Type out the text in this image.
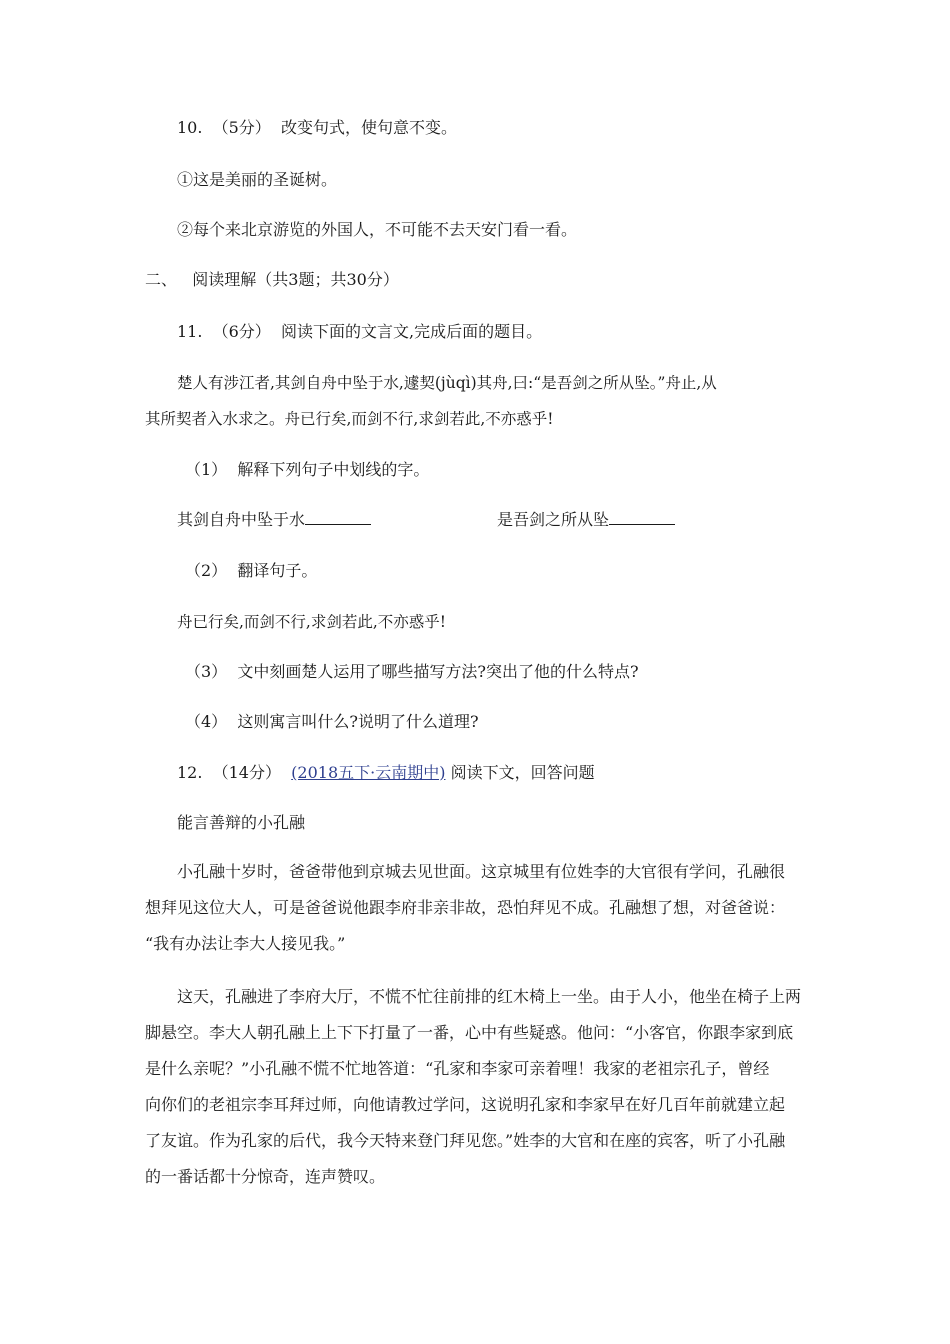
10. （5分） 改变句式，使句意不变。
①这是美丽的圣诞树。
②每个来北京游览的外国人，不可能不去天安门看一看。
二、 阅读理解（共3题；共30分）
11. （6分） 阅读下面的文言文,完成后面的题目。
楚人有涉江者,其剑自舟中坠于水,遽契(jùqì)其舟,曰:“是吾剑之所从坠。”舟止,从
其所契者入水求之。舟已行矣,而剑不行,求剑若此,不亦惑乎!
（1） 解释下列句子中划线的字。
其剑自舟中坠于水	是吾剑之所从坠
（2） 翻译句子。
舟已行矣,而剑不行,求剑若此,不亦惑乎!
（3） 文中刻画楚人运用了哪些描写方法?突出了他的什么特点?
（4） 这则寓言叫什么?说明了什么道理?
12. （14分） (2018五下·云南期中) 阅读下文，回答问题
能言善辩的小孔融
小孔融十岁时，爸爸带他到京城去见世面。这京城里有位姓李的大官很有学问，孔融很
想拜见这位大人，可是爸爸说他跟李府非亲非故，恐怕拜见不成。孔融想了想，对爸爸说：
“我有办法让李大人接见我。”
这天，孔融进了李府大厅，不慌不忙往前排的红木椅上一坐。由于人小，他坐在椅子上两
脚悬空。李大人朝孔融上上下下打量了一番，心中有些疑惑。他问：“小客官，你跟李家到底
是什么亲呢？”小孔融不慌不忙地答道：“孔家和李家可亲着哩！我家的老祖宗孔子，曾经
向你们的老祖宗李耳拜过师，向他请教过学问，这说明孔家和李家早在好几百年前就建立起
了友谊。作为孔家的后代，我今天特来登门拜见您。”姓李的大官和在座的宾客，听了小孔融
的一番话都十分惊奇，连声赞叹。
